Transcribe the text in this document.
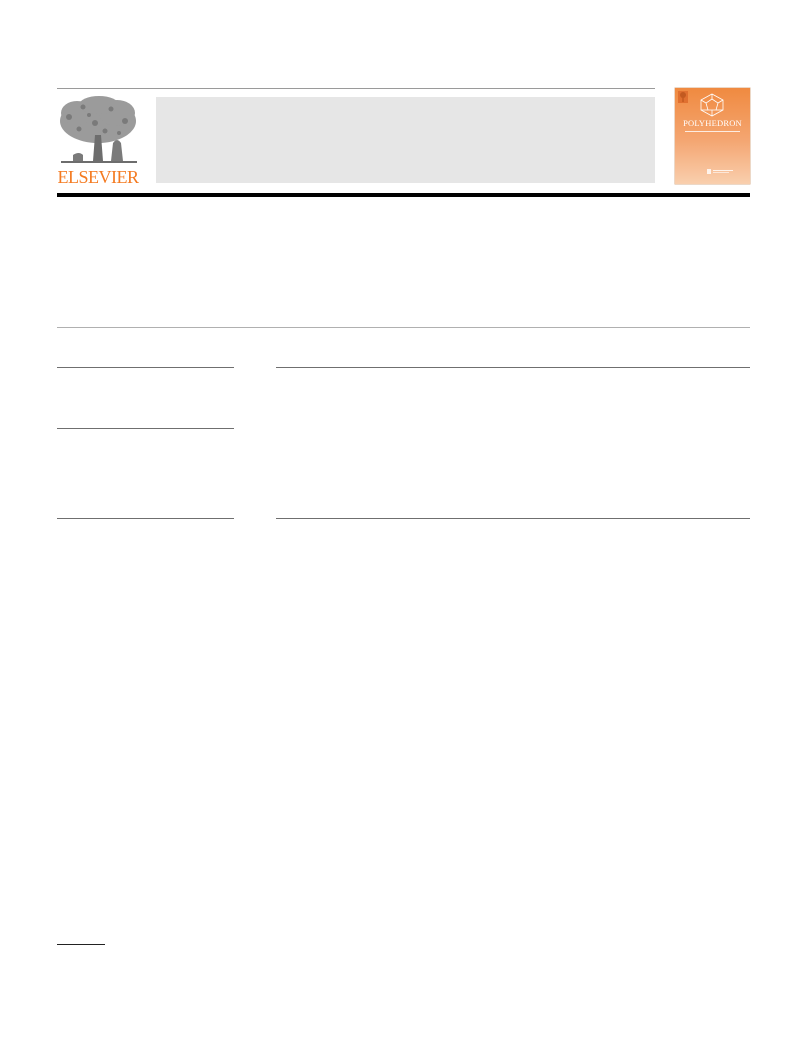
ELSEVIER
POLYHEDRON
